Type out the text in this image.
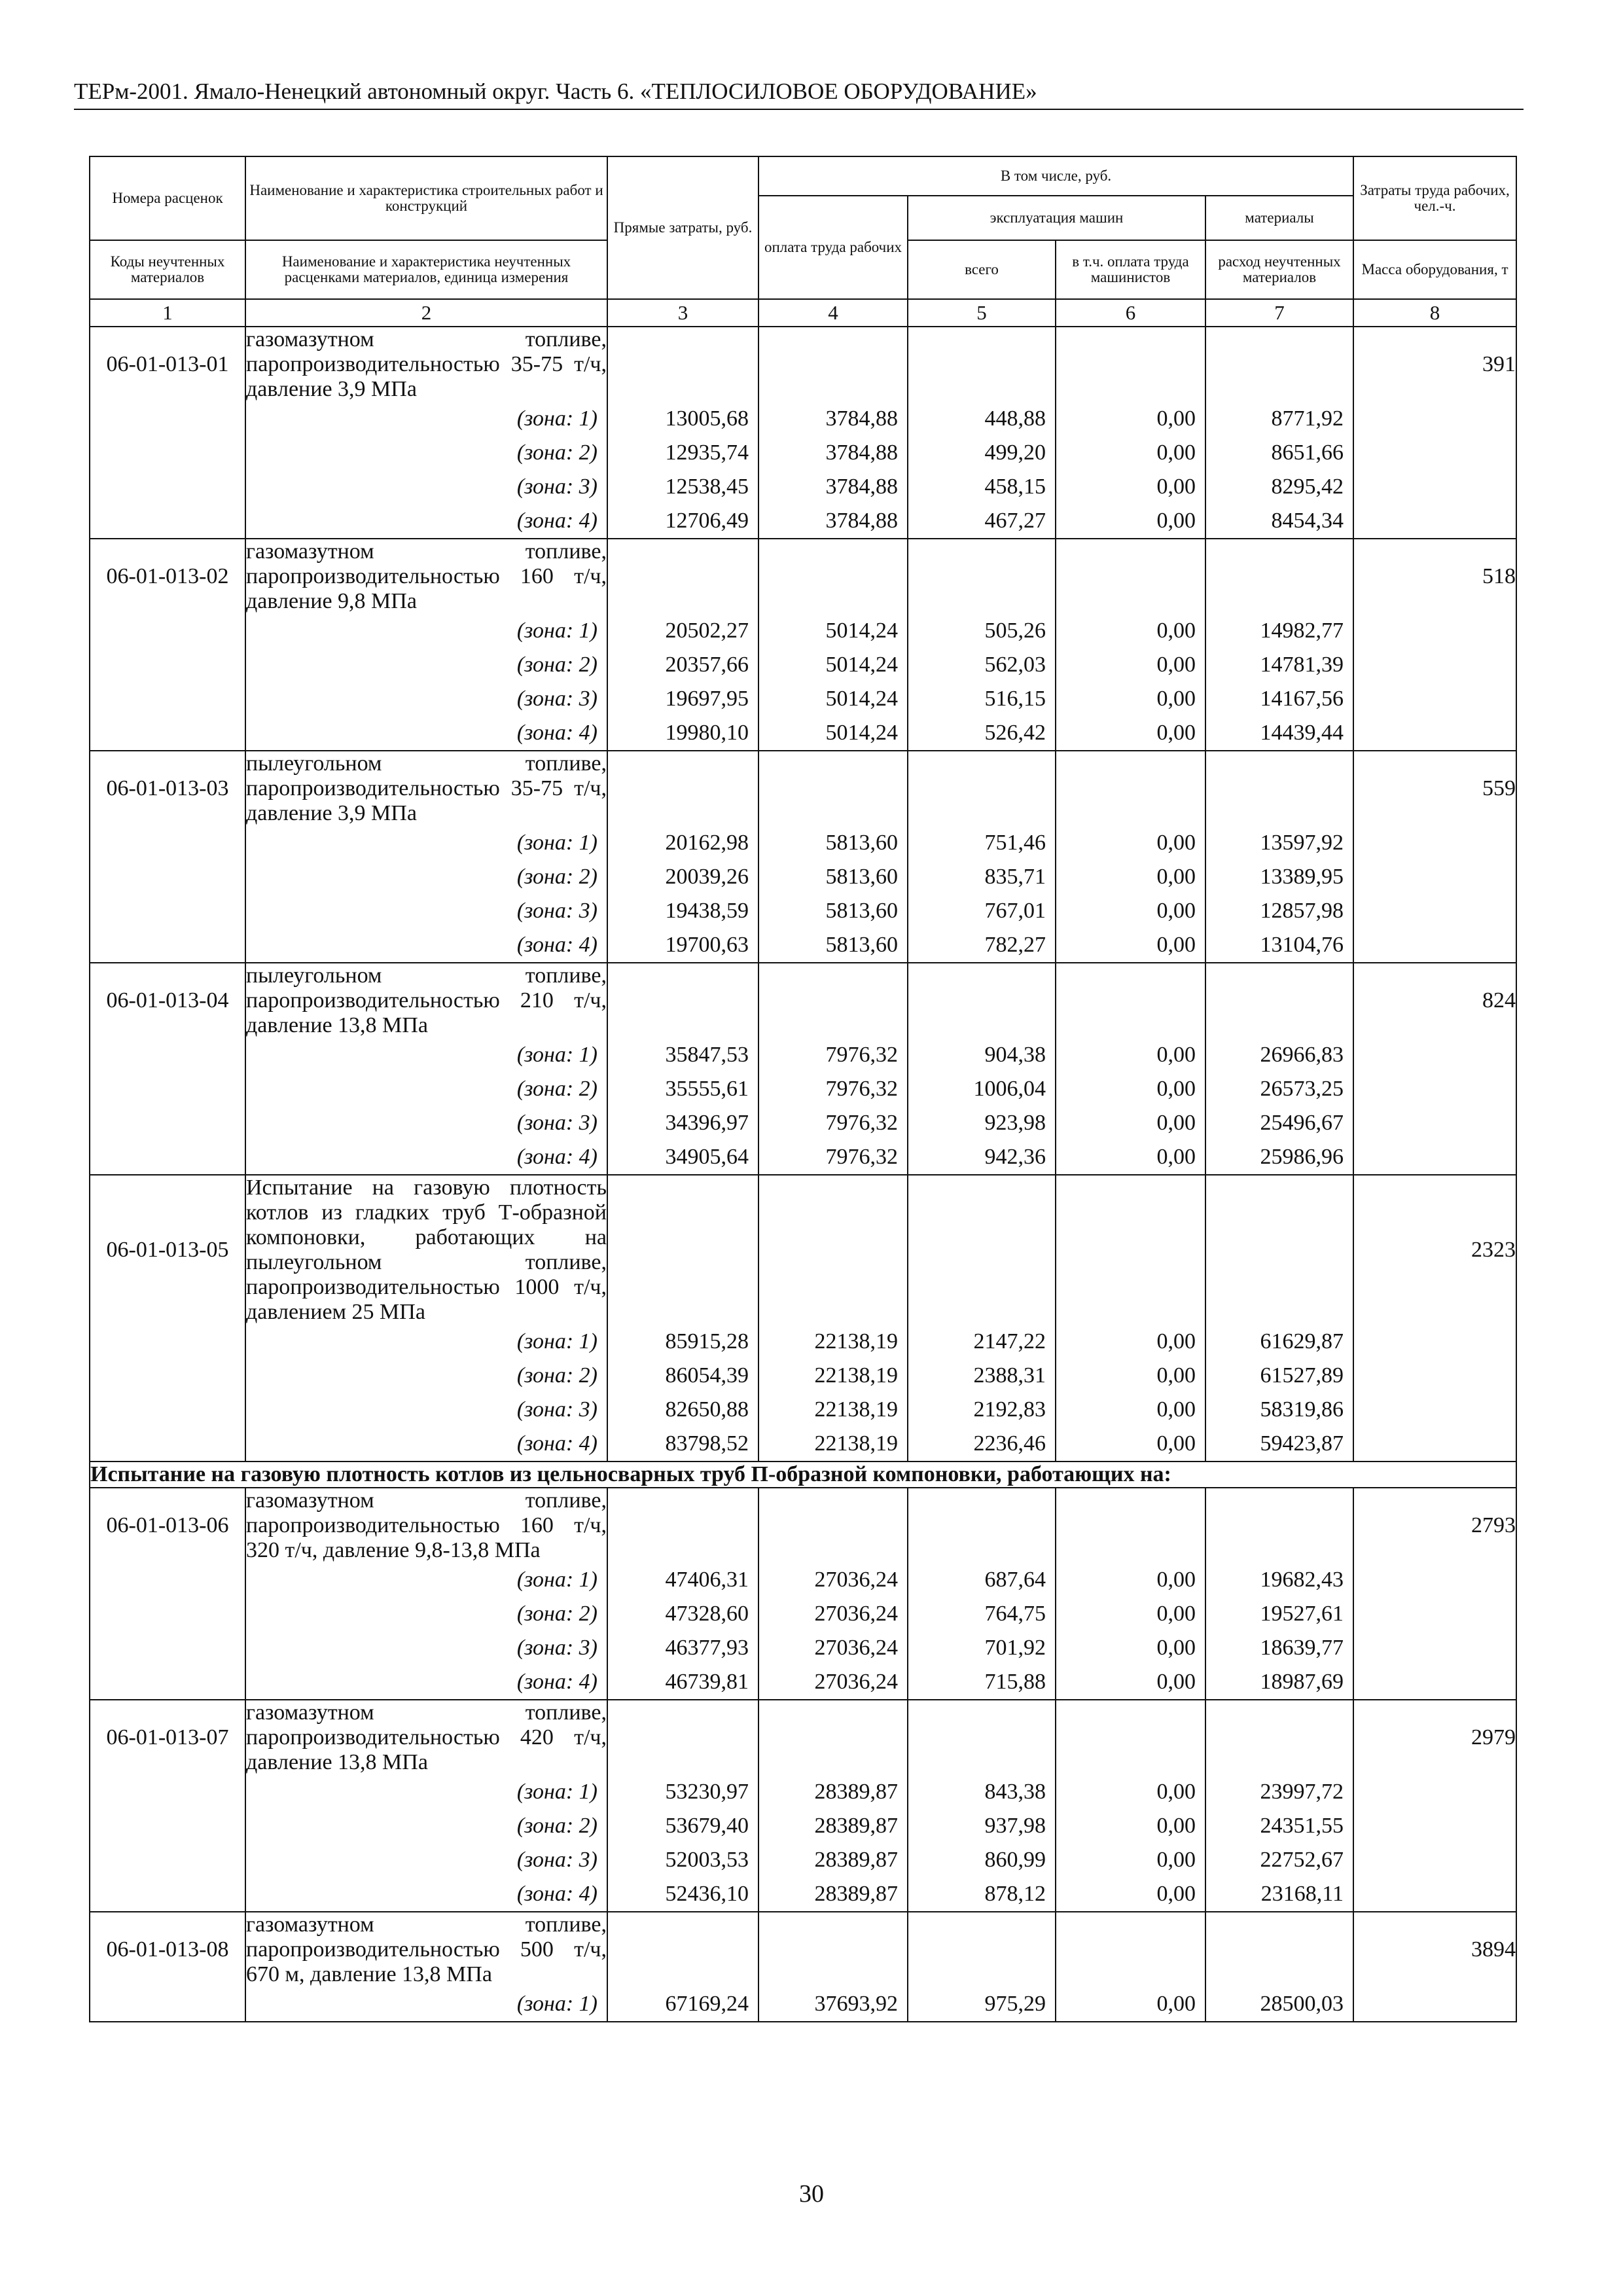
ТЕРм-2001. Ямало-Ненецкий автономный округ. Часть 6. «ТЕПЛОСИЛОВОЕ ОБОРУДОВАНИЕ»
Номера расценок	Наименование и характеристика строительных работ и конструкций	Прямые затраты, руб.	В том числе, руб.				Затраты труда рабочих, чел.-ч.
			оплата труда рабочих	эксплуатация машин		материалы	

Коды неучтенных материалов	Наименование и характеристика неучтенных расценками материалов, единица измерения			всего	в т.ч. оплата труда машинистов	расход неучтенных материалов	Масса оборудования, т

1	2	3	4	5	6	7	8
06-01-013-01	газомазутном топливе, паропроизводительностью 35-75 т/ч, давление 3,9 МПа						391
	(зона: 1)	13005,68	3784,88	448,88	0,00	8771,92	
	(зона: 2)	12935,74	3784,88	499,20	0,00	8651,66	
	(зона: 3)	12538,45	3784,88	458,15	0,00	8295,42	
	(зона: 4)	12706,49	3784,88	467,27	0,00	8454,34	
06-01-013-02	газомазутном топливе, паропроизводительностью 160 т/ч, давление 9,8 МПа						518
	(зона: 1)	20502,27	5014,24	505,26	0,00	14982,77	
	(зона: 2)	20357,66	5014,24	562,03	0,00	14781,39	
	(зона: 3)	19697,95	5014,24	516,15	0,00	14167,56	
	(зона: 4)	19980,10	5014,24	526,42	0,00	14439,44	
06-01-013-03	пылеугольном топливе, паропроизводительностью 35-75 т/ч, давление 3,9 МПа						559
	(зона: 1)	20162,98	5813,60	751,46	0,00	13597,92	
	(зона: 2)	20039,26	5813,60	835,71	0,00	13389,95	
	(зона: 3)	19438,59	5813,60	767,01	0,00	12857,98	
	(зона: 4)	19700,63	5813,60	782,27	0,00	13104,76	
06-01-013-04	пылеугольном топливе, паропроизводительностью 210 т/ч, давление 13,8 МПа						824
	(зона: 1)	35847,53	7976,32	904,38	0,00	26966,83	
	(зона: 2)	35555,61	7976,32	1006,04	0,00	26573,25	
	(зона: 3)	34396,97	7976,32	923,98	0,00	25496,67	
	(зона: 4)	34905,64	7976,32	942,36	0,00	25986,96	
06-01-013-05	Испытание на газовую плотность котлов из гладких труб Т-образной компоновки, работающих на пылеугольном топливе, паропроизводительностью 1000 т/ч, давлением 25 МПа						2323
	(зона: 1)	85915,28	22138,19	2147,22	0,00	61629,87	
	(зона: 2)	86054,39	22138,19	2388,31	0,00	61527,89	
	(зона: 3)	82650,88	22138,19	2192,83	0,00	58319,86	
	(зона: 4)	83798,52	22138,19	2236,46	0,00	59423,87	
Испытание на газовую плотность котлов из цельносварных труб П-образной компоновки, работающих на:							
06-01-013-06	газомазутном топливе, паропроизводительностью 160 т/ч, 320 т/ч, давление 9,8-13,8 МПа						2793
	(зона: 1)	47406,31	27036,24	687,64	0,00	19682,43	
	(зона: 2)	47328,60	27036,24	764,75	0,00	19527,61	
	(зона: 3)	46377,93	27036,24	701,92	0,00	18639,77	
	(зона: 4)	46739,81	27036,24	715,88	0,00	18987,69	
06-01-013-07	газомазутном топливе, паропроизводительностью 420 т/ч, давление 13,8 МПа						2979
	(зона: 1)	53230,97	28389,87	843,38	0,00	23997,72	
	(зона: 2)	53679,40	28389,87	937,98	0,00	24351,55	
	(зона: 3)	52003,53	28389,87	860,99	0,00	22752,67	
	(зона: 4)	52436,10	28389,87	878,12	0,00	23168,11	
06-01-013-08	газомазутном топливе, паропроизводительностью 500 т/ч, 670 м, давление 13,8 МПа						3894
	(зона: 1)	67169,24	37693,92	975,29	0,00	28500,03	
30
